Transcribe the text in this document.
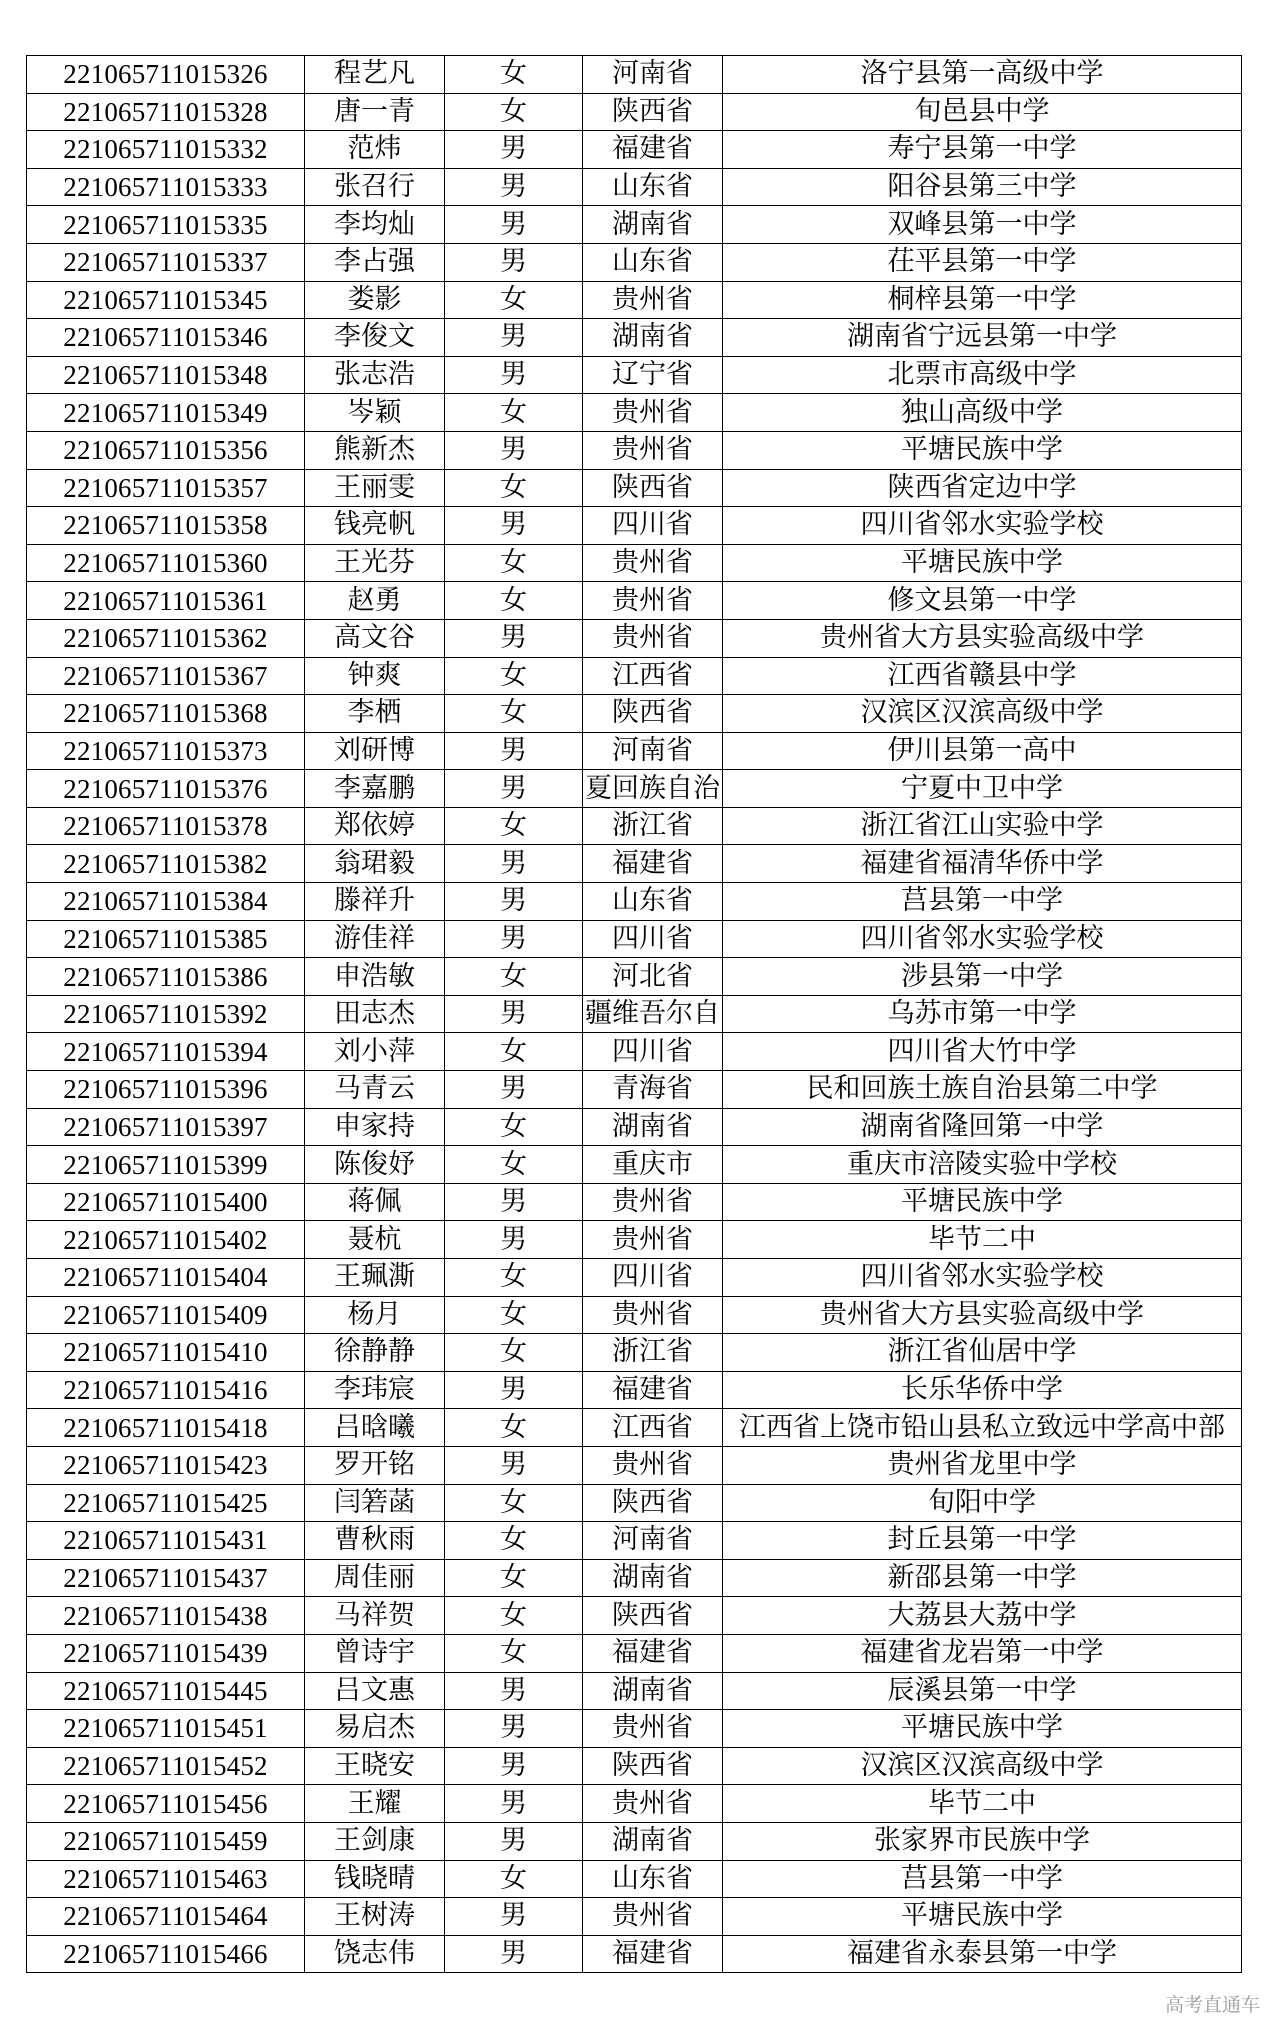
221065711015326	程艺凡	女	河南省	洛宁县第一高级中学
221065711015328	唐一青	女	陕西省	旬邑县中学
221065711015332	范炜	男	福建省	寿宁县第一中学
221065711015333	张召行	男	山东省	阳谷县第三中学
221065711015335	李均灿	男	湖南省	双峰县第一中学
221065711015337	李占强	男	山东省	茌平县第一中学
221065711015345	娄影	女	贵州省	桐梓县第一中学
221065711015346	李俊文	男	湖南省	湖南省宁远县第一中学
221065711015348	张志浩	男	辽宁省	北票市高级中学
221065711015349	岑颖	女	贵州省	独山高级中学
221065711015356	熊新杰	男	贵州省	平塘民族中学
221065711015357	王丽雯	女	陕西省	陕西省定边中学
221065711015358	钱亮帆	男	四川省	四川省邻水实验学校
221065711015360	王光芬	女	贵州省	平塘民族中学
221065711015361	赵勇	女	贵州省	修文县第一中学
221065711015362	高文谷	男	贵州省	贵州省大方县实验高级中学
221065711015367	钟爽	女	江西省	江西省赣县中学
221065711015368	李栖	女	陕西省	汉滨区汉滨高级中学
221065711015373	刘研博	男	河南省	伊川县第一高中
221065711015376	李嘉鹏	男	夏回族自治	宁夏中卫中学
221065711015378	郑依婷	女	浙江省	浙江省江山实验中学
221065711015382	翁珺毅	男	福建省	福建省福清华侨中学
221065711015384	滕祥升	男	山东省	莒县第一中学
221065711015385	游佳祥	男	四川省	四川省邻水实验学校
221065711015386	申浩敏	女	河北省	涉县第一中学
221065711015392	田志杰	男	疆维吾尔自	乌苏市第一中学
221065711015394	刘小萍	女	四川省	四川省大竹中学
221065711015396	马青云	男	青海省	民和回族土族自治县第二中学
221065711015397	申家持	女	湖南省	湖南省隆回第一中学
221065711015399	陈俊妤	女	重庆市	重庆市涪陵实验中学校
221065711015400	蒋佩	男	贵州省	平塘民族中学
221065711015402	聂杭	男	贵州省	毕节二中
221065711015404	王珮澌	女	四川省	四川省邻水实验学校
221065711015409	杨月	女	贵州省	贵州省大方县实验高级中学
221065711015410	徐静静	女	浙江省	浙江省仙居中学
221065711015416	李玮宸	男	福建省	长乐华侨中学
221065711015418	吕晗曦	女	江西省	江西省上饶市铅山县私立致远中学高中部
221065711015423	罗开铭	男	贵州省	贵州省龙里中学
221065711015425	闫箬菡	女	陕西省	旬阳中学
221065711015431	曹秋雨	女	河南省	封丘县第一中学
221065711015437	周佳丽	女	湖南省	新邵县第一中学
221065711015438	马祥贺	女	陕西省	大荔县大荔中学
221065711015439	曾诗宇	女	福建省	福建省龙岩第一中学
221065711015445	吕文惠	男	湖南省	辰溪县第一中学
221065711015451	易启杰	男	贵州省	平塘民族中学
221065711015452	王晓安	男	陕西省	汉滨区汉滨高级中学
221065711015456	王耀	男	贵州省	毕节二中
221065711015459	王剑康	男	湖南省	张家界市民族中学
221065711015463	钱晓晴	女	山东省	莒县第一中学
221065711015464	王树涛	男	贵州省	平塘民族中学
221065711015466	饶志伟	男	福建省	福建省永泰县第一中学
高考直通车
